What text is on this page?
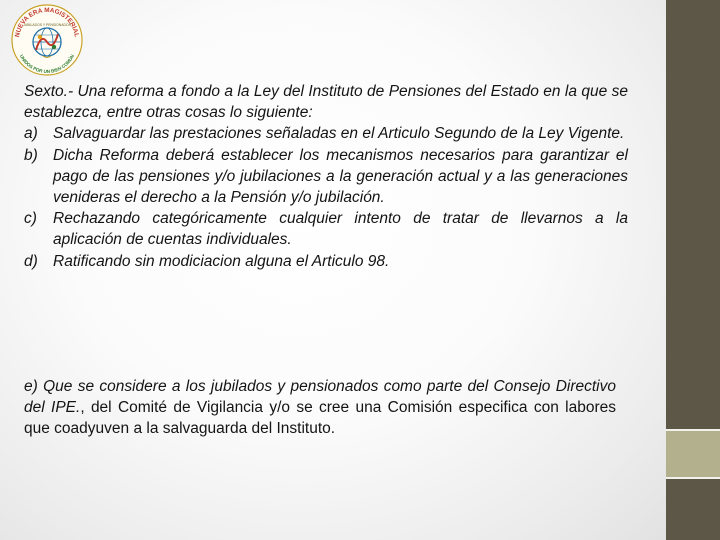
NUEVA ERA MAGISTERIAL
UNIDOS POR UN BIEN COMÚN
JUBILADOS Y PENSIONADOS

Sexto.- Una reforma a fondo a la Ley del Instituto de Pensiones del Estado en la que se establezca, entre otras cosas lo siguiente:

a) Salvaguardar las prestaciones señaladas en el Articulo Segundo de la Ley Vigente.
b) Dicha Reforma deberá establecer los mecanismos necesarios para garantizar el pago de las pensiones y/o jubilaciones a la generación actual y a las generaciones venideras el derecho a la Pensión y/o jubilación.
c) Rechazando categóricamente cualquier intento de tratar de llevarnos a la aplicación de cuentas individuales.
d) Ratificando sin modiciacion alguna el Articulo 98.

e) Que se considere a los jubilados y pensionados como parte del Consejo Directivo del IPE., del Comité de Vigilancia y/o se cree una Comisión especifica con labores que coadyuven a la salvaguarda del Instituto.
